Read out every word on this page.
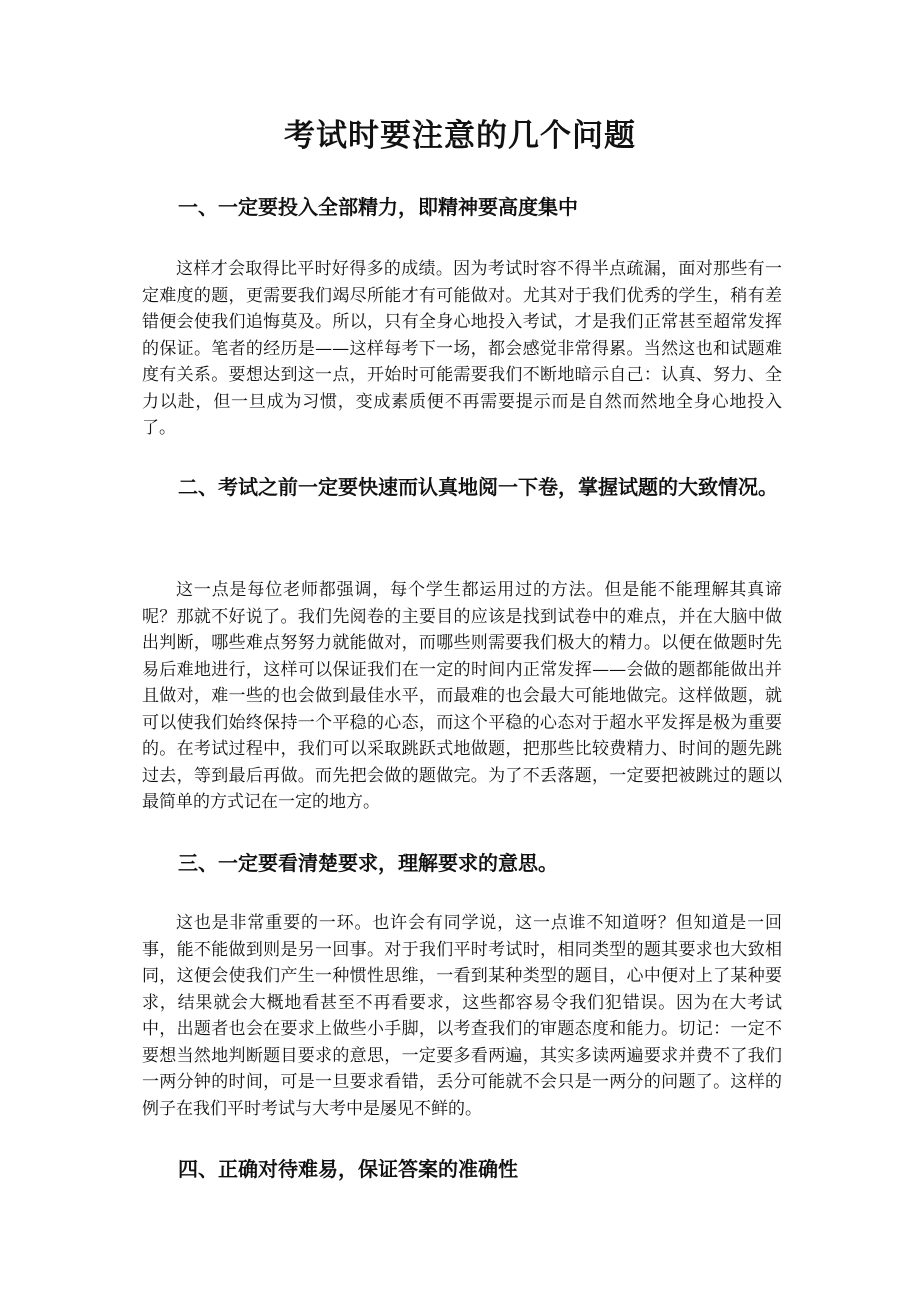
考试时要注意的几个问题
一、一定要投入全部精力，即精神要高度集中
这样才会取得比平时好得多的成绩。因为考试时容不得半点疏漏，面对那些有一定难度的题，更需要我们竭尽所能才有可能做对。尤其对于我们优秀的学生，稍有差错便会使我们追悔莫及。所以，只有全身心地投入考试，才是我们正常甚至超常发挥的保证。笔者的经历是——这样每考下一场，都会感觉非常得累。当然这也和试题难度有关系。要想达到这一点，开始时可能需要我们不断地暗示自己：认真、努力、全力以赴，但一旦成为习惯，变成素质便不再需要提示而是自然而然地全身心地投入了。
二、考试之前一定要快速而认真地阅一下卷，掌握试题的大致情况。
这一点是每位老师都强调，每个学生都运用过的方法。但是能不能理解其真谛呢？那就不好说了。我们先阅卷的主要目的应该是找到试卷中的难点，并在大脑中做出判断，哪些难点努努力就能做对，而哪些则需要我们极大的精力。以便在做题时先易后难地进行，这样可以保证我们在一定的时间内正常发挥——会做的题都能做出并且做对，难一些的也会做到最佳水平，而最难的也会最大可能地做完。这样做题，就可以使我们始终保持一个平稳的心态，而这个平稳的心态对于超水平发挥是极为重要的。在考试过程中，我们可以采取跳跃式地做题，把那些比较费精力、时间的题先跳过去，等到最后再做。而先把会做的题做完。为了不丢落题，一定要把被跳过的题以最简单的方式记在一定的地方。
三、一定要看清楚要求，理解要求的意思。
这也是非常重要的一环。也许会有同学说，这一点谁不知道呀？但知道是一回事，能不能做到则是另一回事。对于我们平时考试时，相同类型的题其要求也大致相同，这便会使我们产生一种惯性思维，一看到某种类型的题目，心中便对上了某种要求，结果就会大概地看甚至不再看要求，这些都容易令我们犯错误。因为在大考试中，出题者也会在要求上做些小手脚，以考查我们的审题态度和能力。切记：一定不要想当然地判断题目要求的意思，一定要多看两遍，其实多读两遍要求并费不了我们一两分钟的时间，可是一旦要求看错，丢分可能就不会只是一两分的问题了。这样的例子在我们平时考试与大考中是屡见不鲜的。
四、正确对待难易，保证答案的准确性
